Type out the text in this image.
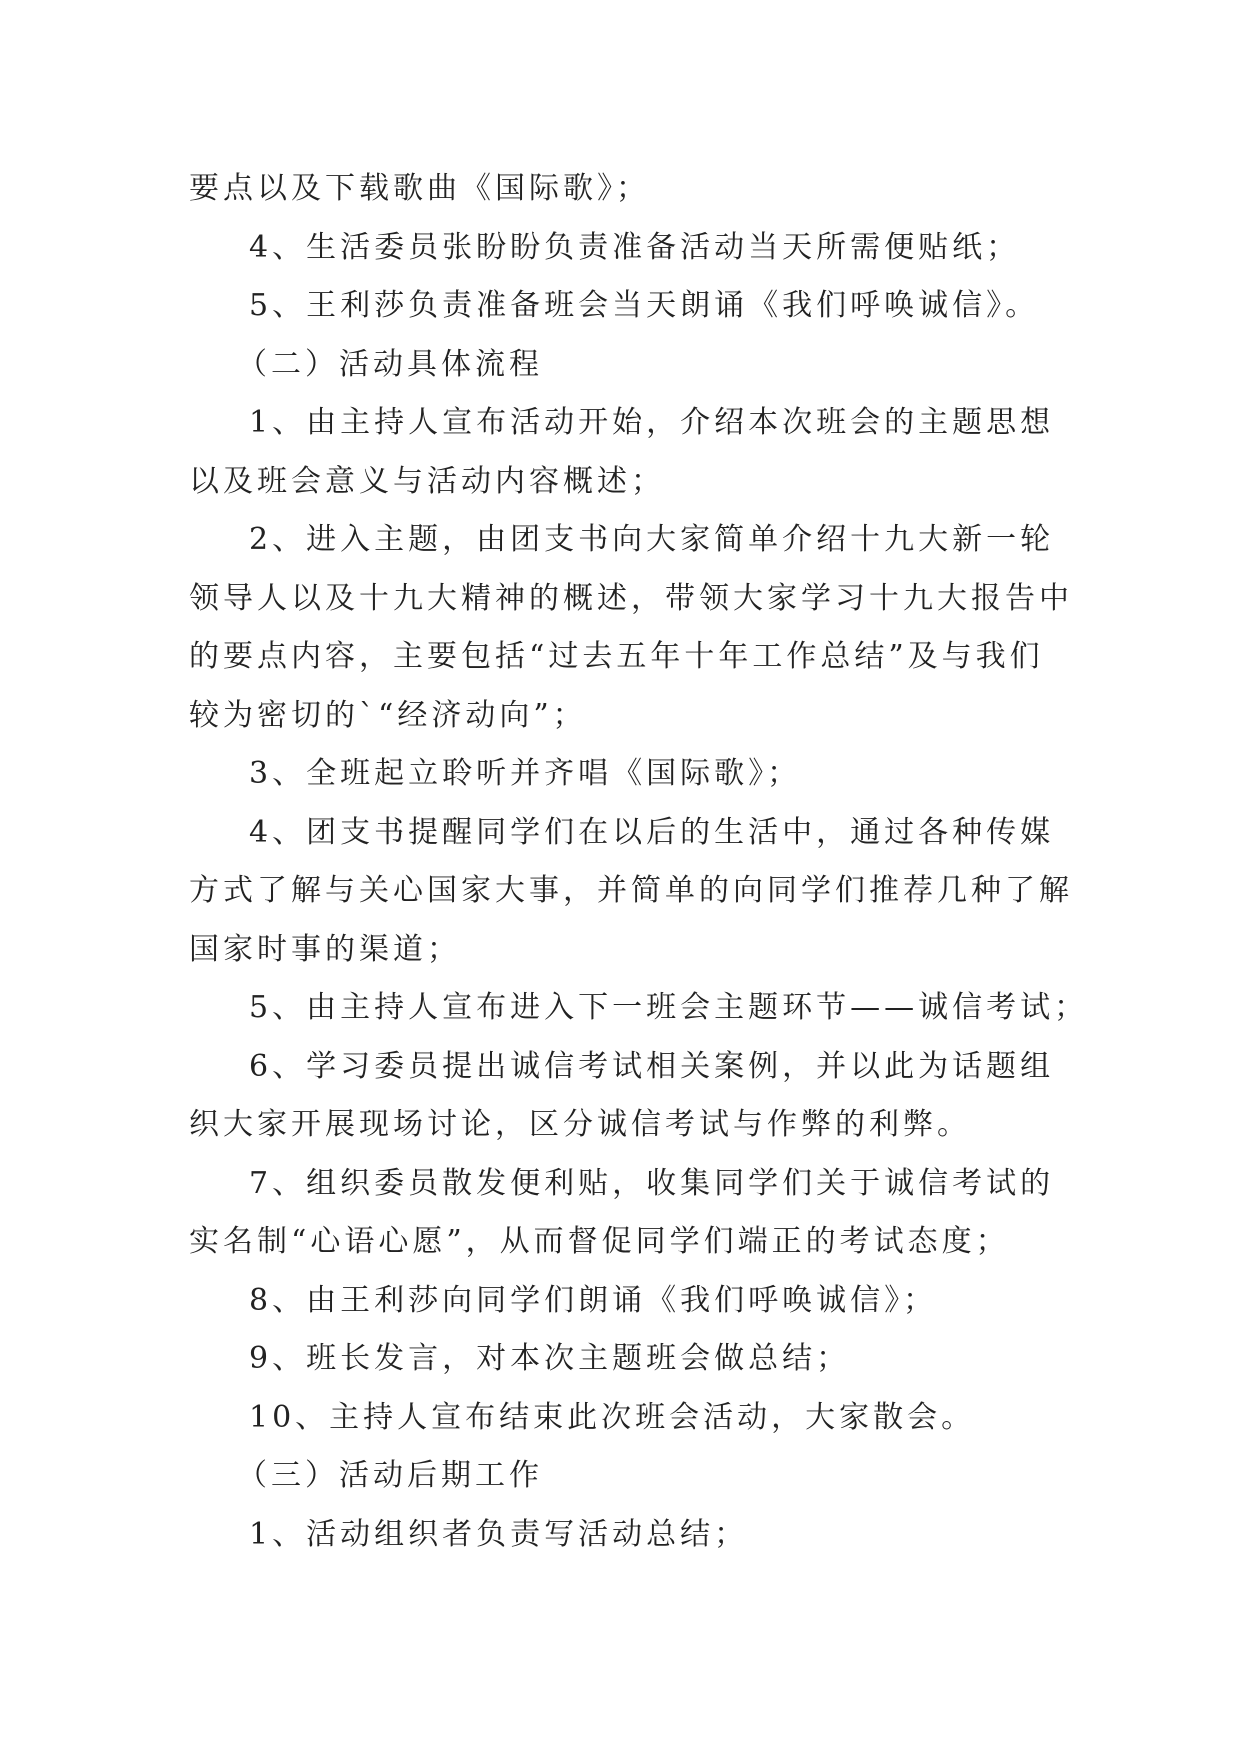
要点以及下载歌曲《国际歌》；
4、生活委员张盼盼负责准备活动当天所需便贴纸；
5、王利莎负责准备班会当天朗诵《我们呼唤诚信》。
（二）活动具体流程
1、由主持人宣布活动开始，介绍本次班会的主题思想
以及班会意义与活动内容概述；
2、进入主题，由团支书向大家简单介绍十九大新一轮
领导人以及十九大精神的概述，带领大家学习十九大报告中
的要点内容，主要包括“过去五年十年工作总结”及与我们
较为密切的`“经济动向”；
3、全班起立聆听并齐唱《国际歌》；
4、团支书提醒同学们在以后的生活中，通过各种传媒
方式了解与关心国家大事，并简单的向同学们推荐几种了解
国家时事的渠道；
5、由主持人宣布进入下一班会主题环节——诚信考试；
6、学习委员提出诚信考试相关案例，并以此为话题组
织大家开展现场讨论，区分诚信考试与作弊的利弊。
7、组织委员散发便利贴，收集同学们关于诚信考试的
实名制“心语心愿”，从而督促同学们端正的考试态度；
8、由王利莎向同学们朗诵《我们呼唤诚信》；
9、班长发言，对本次主题班会做总结；
10、主持人宣布结束此次班会活动，大家散会。
（三）活动后期工作
1、活动组织者负责写活动总结；
